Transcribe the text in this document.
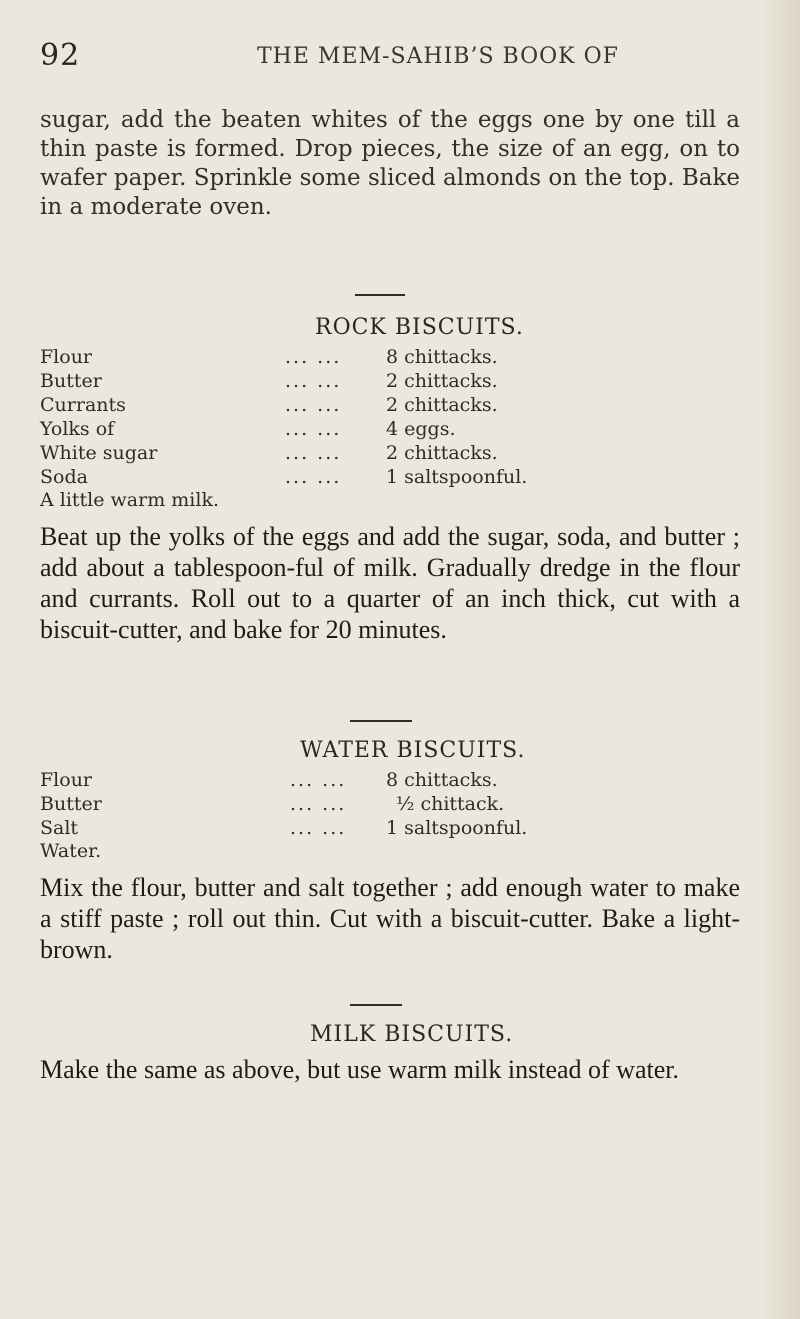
92	THE MEM-SAHIB’S BOOK OF
sugar, add the beaten whites of the eggs one by one till a thin paste is formed. Drop pieces, the size of an egg, on to wafer paper. Sprinkle some sliced almonds on the top. Bake in a moderate oven.
ROCK BISCUITS.
Flour	... ... 8 chittacks.
Butter	... ... 2 chittacks.
Currants	... ... 2 chittacks.
Yolks of	... ... 4 eggs.
White sugar	... ... 2 chittacks.
Soda	... ... 1 saltspoonful.
A little warm milk.
Beat up the yolks of the eggs and add the sugar, soda, and butter ; add about a tablespoon-ful of milk. Gradually dredge in the flour and currants. Roll out to a quarter of an inch thick, cut with a biscuit-cutter, and bake for 20 minutes.
WATER BISCUITS.
Flour	... ... 8 chittacks.
Butter	... ...	½ chittack.
Salt	... ... 1 saltspoonful.
Water.
Mix the flour, butter and salt together ; add enough water to make a stiff paste ; roll out thin. Cut with a biscuit-cutter. Bake a light-brown.
MILK BISCUITS.
Make the same as above, but use warm milk instead of water.
